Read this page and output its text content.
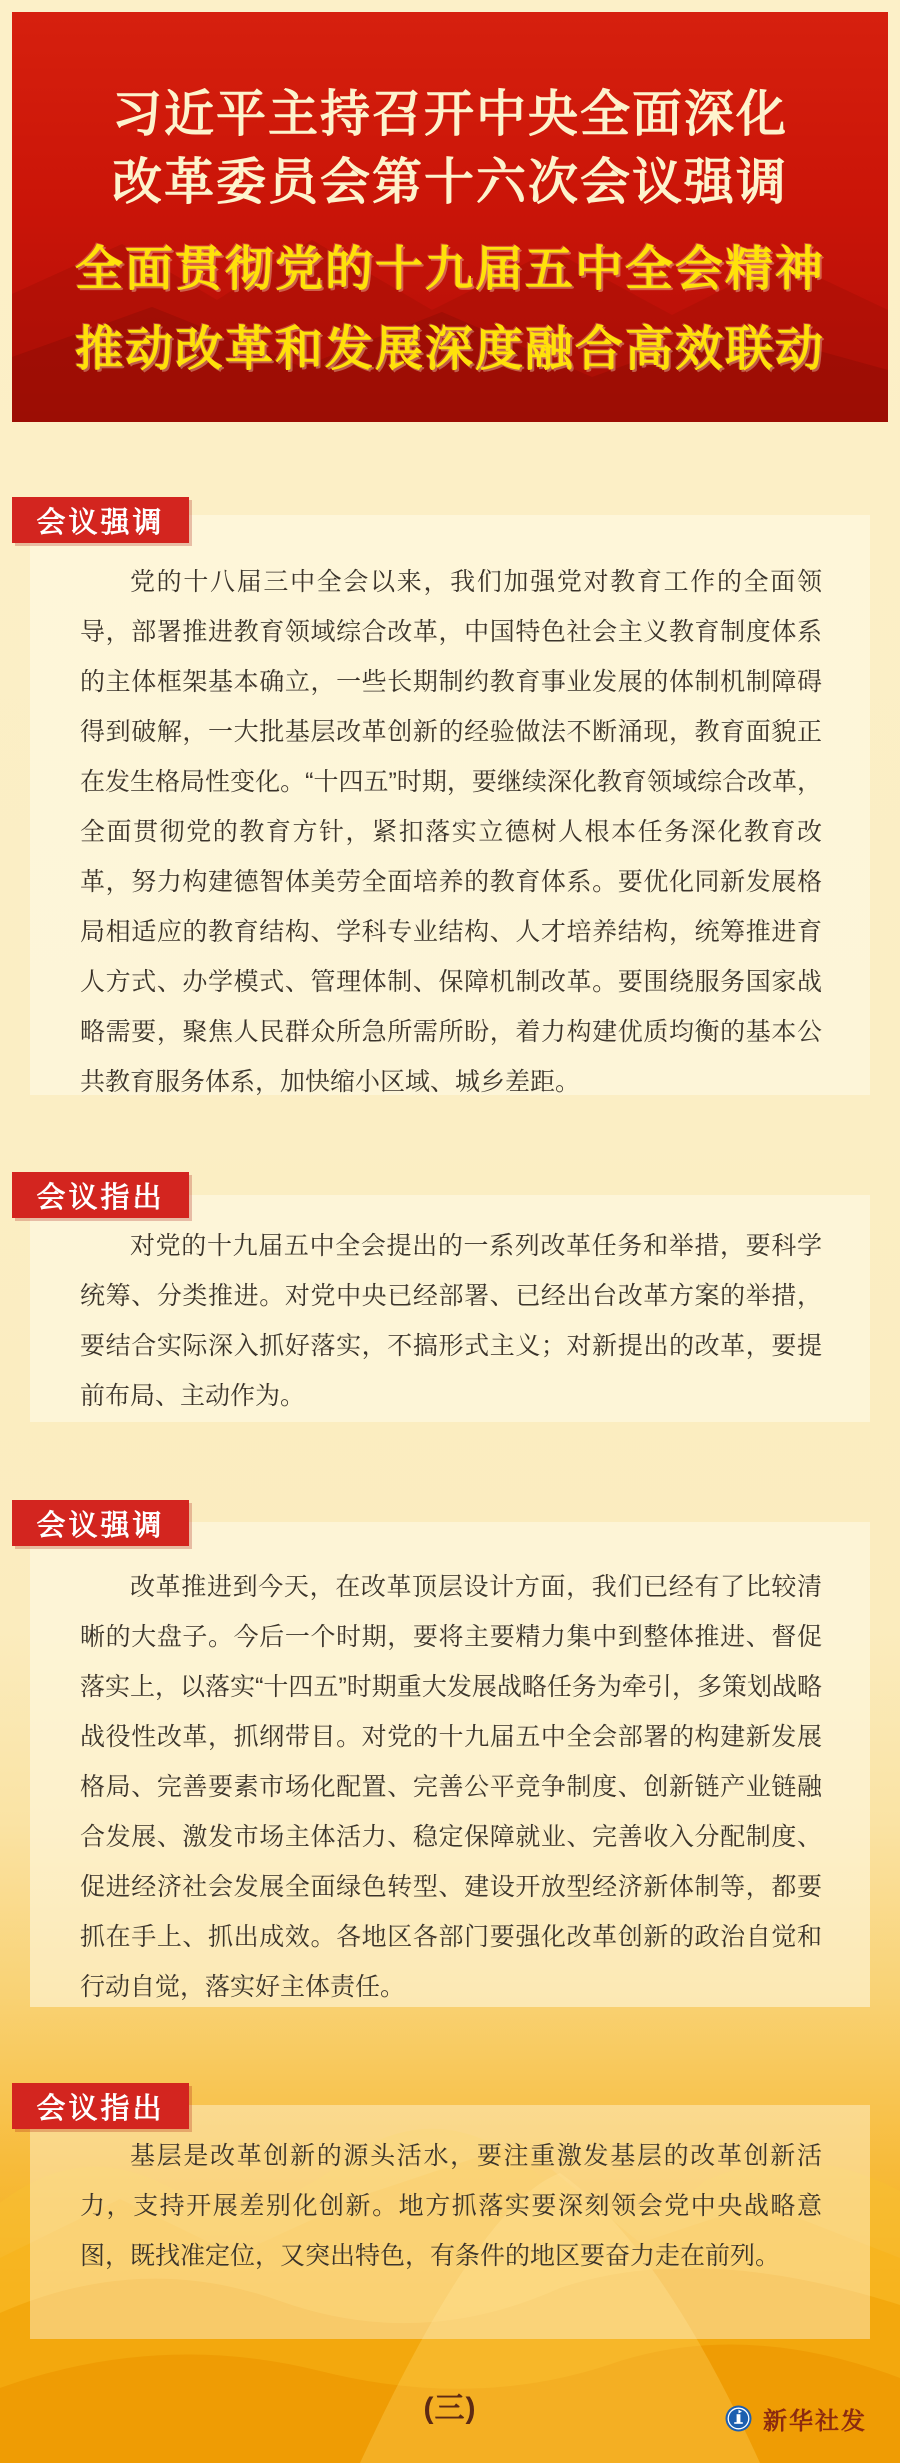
习近平主持召开中央全面深化
改革委员会第十六次会议强调
全面贯彻党的十九届五中全会精神
推动改革和发展深度融合高效联动
会议强调

党的十八届三中全会以来，我们加强党对教育工作的全面领导，部署推进教育领域综合改革，中国特色社会主义教育制度体系的主体框架基本确立，一些长期制约教育事业发展的体制机制障碍得到破解，一大批基层改革创新的经验做法不断涌现，教育面貌正在发生格局性变化。“十四五”时期，要继续深化教育领域综合改革，全面贯彻党的教育方针，紧扣落实立德树人根本任务深化教育改革，努力构建德智体美劳全面培养的教育体系。要优化同新发展格局相适应的教育结构、学科专业结构、人才培养结构，统筹推进育人方式、办学模式、管理体制、保障机制改革。要围绕服务国家战略需要，聚焦人民群众所急所需所盼，着力构建优质均衡的基本公共教育服务体系，加快缩小区域、城乡差距。

会议指出

对党的十九届五中全会提出的一系列改革任务和举措，要科学统筹、分类推进。对党中央已经部署、已经出台改革方案的举措，要结合实际深入抓好落实，不搞形式主义；对新提出的改革，要提前布局、主动作为。

会议强调

改革推进到今天，在改革顶层设计方面，我们已经有了比较清晰的大盘子。今后一个时期，要将主要精力集中到整体推进、督促落实上，以落实“十四五”时期重大发展战略任务为牵引，多策划战略战役性改革，抓纲带目。对党的十九届五中全会部署的构建新发展格局、完善要素市场化配置、完善公平竞争制度、创新链产业链融合发展、激发市场主体活力、稳定保障就业、完善收入分配制度、促进经济社会发展全面绿色转型、建设开放型经济新体制等，都要抓在手上、抓出成效。各地区各部门要强化改革创新的政治自觉和行动自觉，落实好主体责任。

会议指出

基层是改革创新的源头活水，要注重激发基层的改革创新活力，支持开展差别化创新。地方抓落实要深刻领会党中央战略意图，既找准定位，又突出特色，有条件的地区要奋力走在前列。

(三)	新华社发
